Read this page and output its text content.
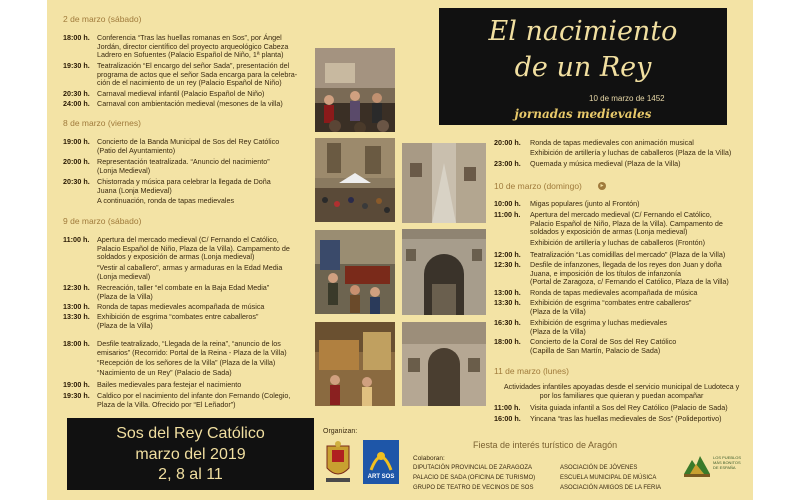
2 de marzo (sábado)
18:00 h. Conferencia “Tras las huellas romanas en Sos”, por Ángel
Jordán, director científico del proyecto arqueológico Cabeza
Ladrero en Sofuentes (Palacio Español de Niño, 1ª planta)
19:30 h. Teatralización “El encargo del señor Sada”, presentación del
programa de actos que el señor Sada encarga para la celebra-
ción de el nacimiento de un rey (Palacio Español de Niño)
20:30 h. Carnaval medieval infantil (Palacio Español de Niño)
24:00 h. Carnaval con ambientación medieval (mesones de la villa)
8 de marzo (viernes)
19:00 h. Concierto de la Banda Municipal de Sos del Rey Católico
(Patio del Ayuntamiento)
20:00 h. Representación teatralizada. “Anuncio del nacimiento”
(Lonja Medieval)
20:30 h. Chistorrada y música para celebrar la llegada de Doña
Juana (Lonja Medieval)
A continuación, ronda de tapas medievales
9 de marzo (sábado)
11:00 h. Apertura del mercado medieval (C/ Fernando el Católico,
Palacio Español de Niño, Plaza de la Villa). Campamento de
soldados y exposición de armas (Lonja medieval)
“Vestir al caballero”, armas y armaduras en la Edad Media
(Lonja medieval)
12:30 h. Recreación, taller “el combate en la Baja Edad Media”
(Plaza de la Villa)
13:00 h. Ronda de tapas medievales acompañada de música
13:30 h. Exhibición de esgrima “combates entre caballeros”
(Plaza de la Villa)
18:00 h. Desfile teatralizado, “Llegada de la reina”, “anuncio de los
emisarios” (Recorrido: Portal de la Reina - Plaza de la Villa)
“Recepción de los señores de la Villa” (Plaza de la Villa)
“Nacimiento de un Rey” (Palacio de Sada)
19:00 h. Bailes medievales para festejar el nacimiento
19:30 h. Caldico por el nacimiento del infante don Fernando (Colegio,
Plaza de la Villa. Ofrecido por “El Leñador”)
El nacimiento
de un Rey
10 de marzo de 1452
jornadas medievales
20:00 h. Ronda de tapas medievales con animación musical
Exhibición de artillería y luchas de caballeros (Plaza de la Villa)
23:00 h. Quemada y música medieval (Plaza de la Villa)
10 de marzo (domingo)	▸
10:00 h. Migas populares (junto al Frontón)
11:00 h. Apertura del mercado medieval (C/ Fernando el Católico,
Palacio Español de Niño, Plaza de la Villa). Campamento de
soldados y exposición de armas (Lonja medieval)
Exhibición de artillería y luchas de caballeros (Frontón)
12:00 h. Teatralización “Las comidillas del mercado” (Plaza de la Villa)
12:30 h. Desfile de infanzones, llegada de los reyes don Juan y doña
Juana, e imposición de los títulos de infanzonía
(Portal de Zaragoza, c/ Fernando el Católico, Plaza de la Villa)
13:00 h. Ronda de tapas medievales acompañada de música
13:30 h. Exhibición de esgrima “combates entre caballeros”
(Plaza de la Villa)
16:30 h. Exhibición de esgrima y luchas medievales
(Plaza de la Villa)
18:00 h. Concierto de la Coral de Sos del Rey Católico
(Capilla de San Martín, Palacio de Sada)
11 de marzo (lunes)
Actividades infantiles apoyadas desde el servicio municipal de Ludoteca y
por los familiares que quieran y puedan acompañar
11:00 h. Visita guiada infantil a Sos del Rey Católico (Palacio de Sada)
16:00 h. Yincana “tras las huellas medievales de Sos” (Polideportivo)
Sos del Rey Católico
marzo del 2019
2, 8 al 11
Organizan:
ART SOS
Fiesta de interés turístico de Aragón
Colaboran:
DIPUTACIÓN PROVINCIAL DE ZARAGOZA
PALACIO DE SADA (OFICINA DE TURISMO)
GRUPO DE TEATRO DE VECINOS DE SOS
ASOCIACIÓN DE JÓVENES
ESCUELA MUNICIPAL DE MÚSICA
ASOCIACIÓN AMIGOS DE LA FERIA
LOS PUEBLOS MÁS BONITOS DE ESPAÑA
